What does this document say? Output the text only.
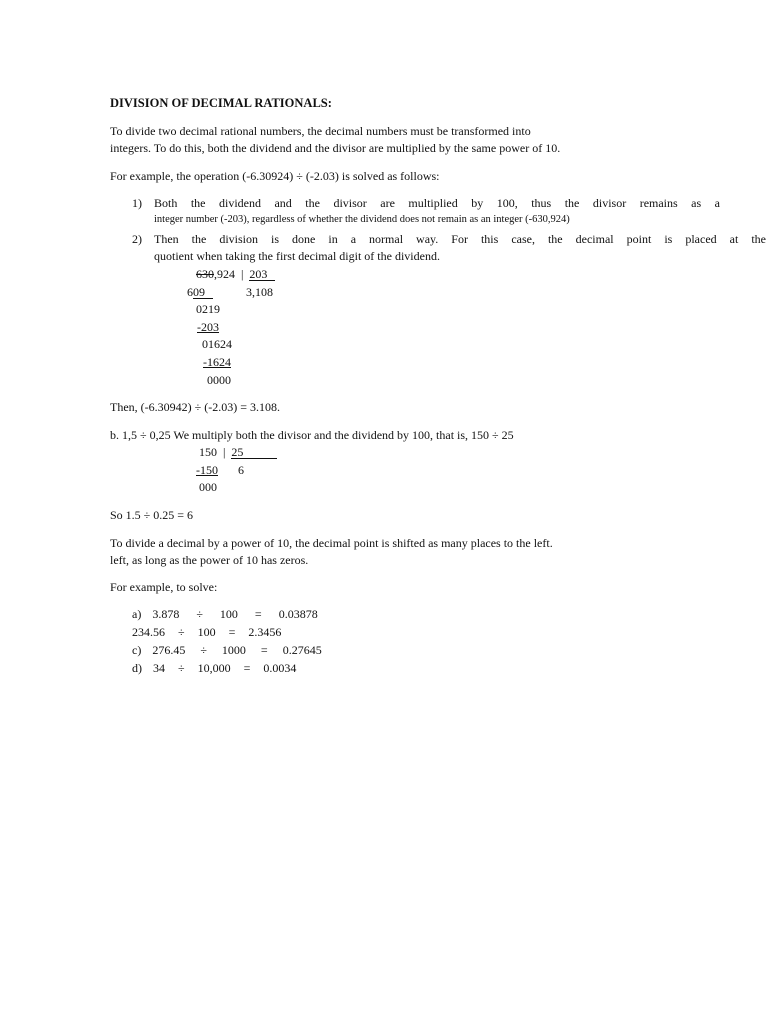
DIVISION OF DECIMAL RATIONALS:
To divide two decimal rational numbers, the decimal numbers must be transformed into
integers. To do this, both the dividend and the divisor are multiplied by the same power of 10.
For example, the operation (-6.30924) ÷ (-2.03) is solved as follows:
1) Both the dividend and the divisor are multiplied by 100, thus the divisor remains as a
integer number (-203), regardless of whether the dividend does not remain as an integer (-630,924)
2) Then the division is done in a normal way. For this case, the decimal point is placed at the
quotient when taking the first decimal digit of the dividend.
630,924 | 203
609	3,108
0219
-203
01624
-1624
0000
Then, (-6.30942) ÷ (-2.03) = 3.108.
b. 1,5 ÷ 0,25 We multiply both the divisor and the dividend by 100, that is, 150 ÷ 25
150 | 25
-150 6
000
So 1.5 ÷ 0.25 = 6
To divide a decimal by a power of 10, the decimal point is shifted as many places to the left.
left, as long as the power of 10 has zeros.
For example, to solve:
a) 3.878 ÷ 100 = 0.03878
234.56 ÷ 100 = 2.3456
c) 276.45 ÷ 1000 = 0.27645
d) 34 ÷ 10,000 = 0.0034
